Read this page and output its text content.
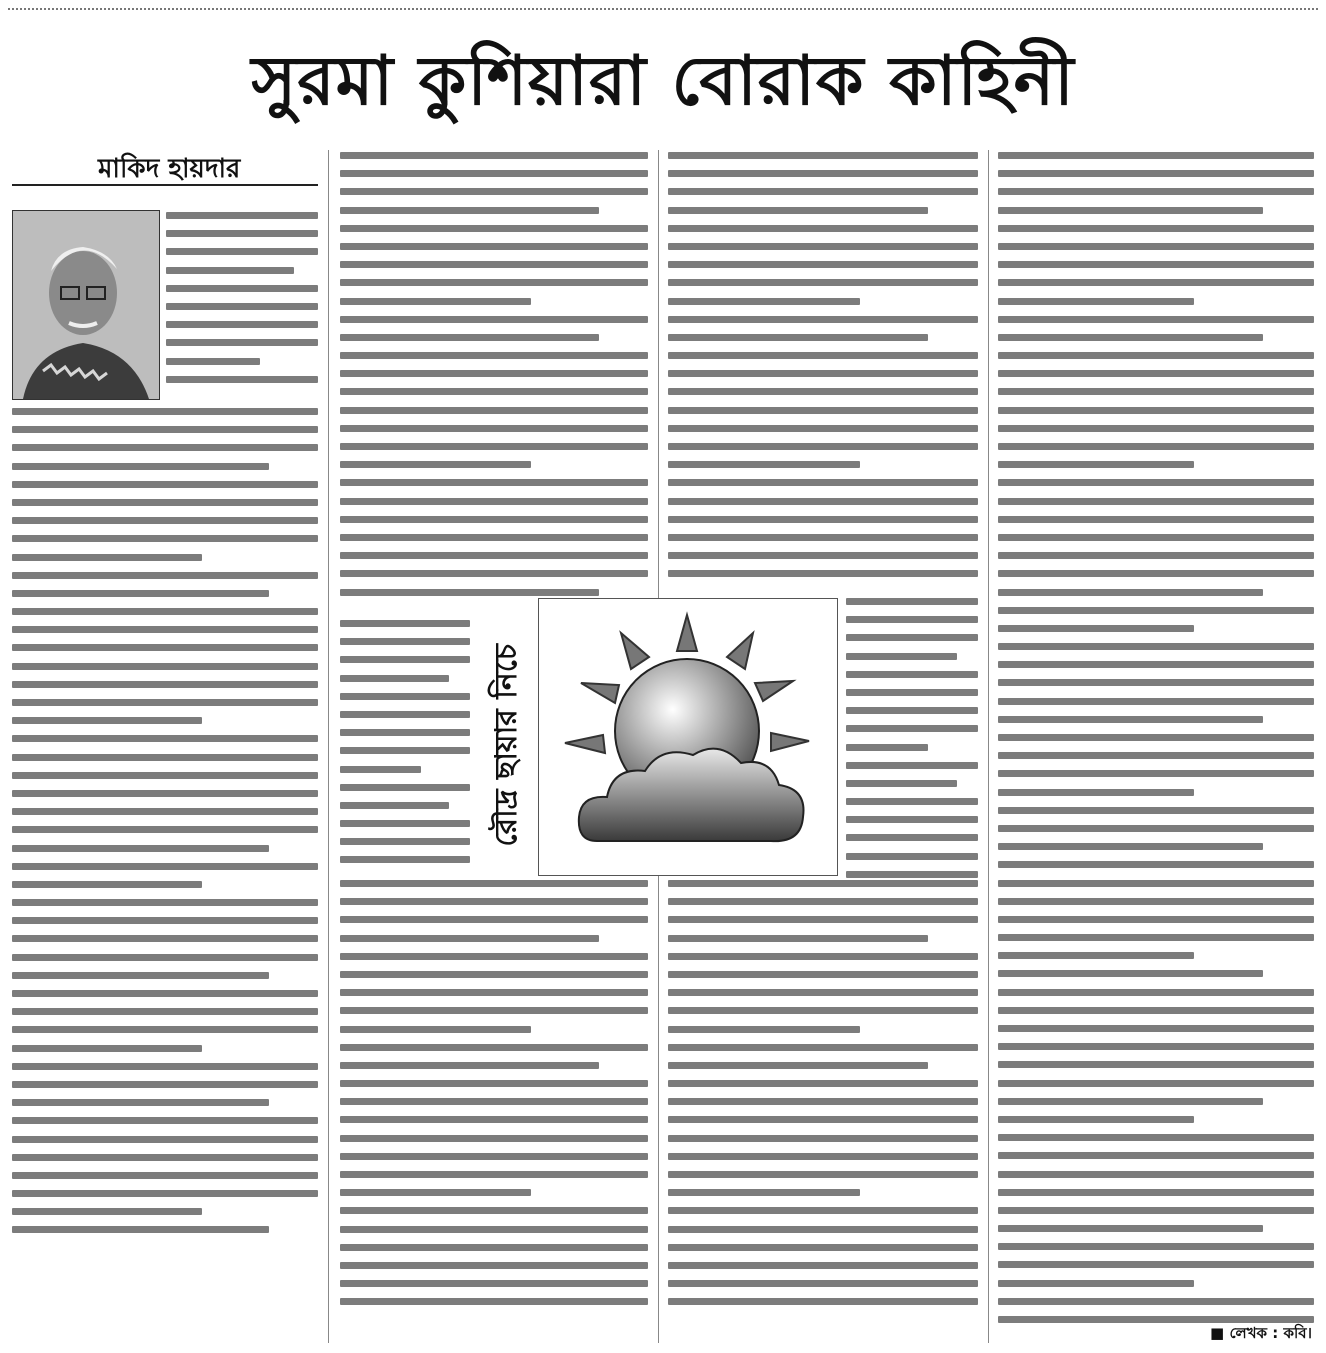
সুরমা কুশিয়ারা বোরাক কাহিনী
মাকিদ হায়দার
রৌদ্র ছায়ার নিচে
■ লেখক : কবি।
